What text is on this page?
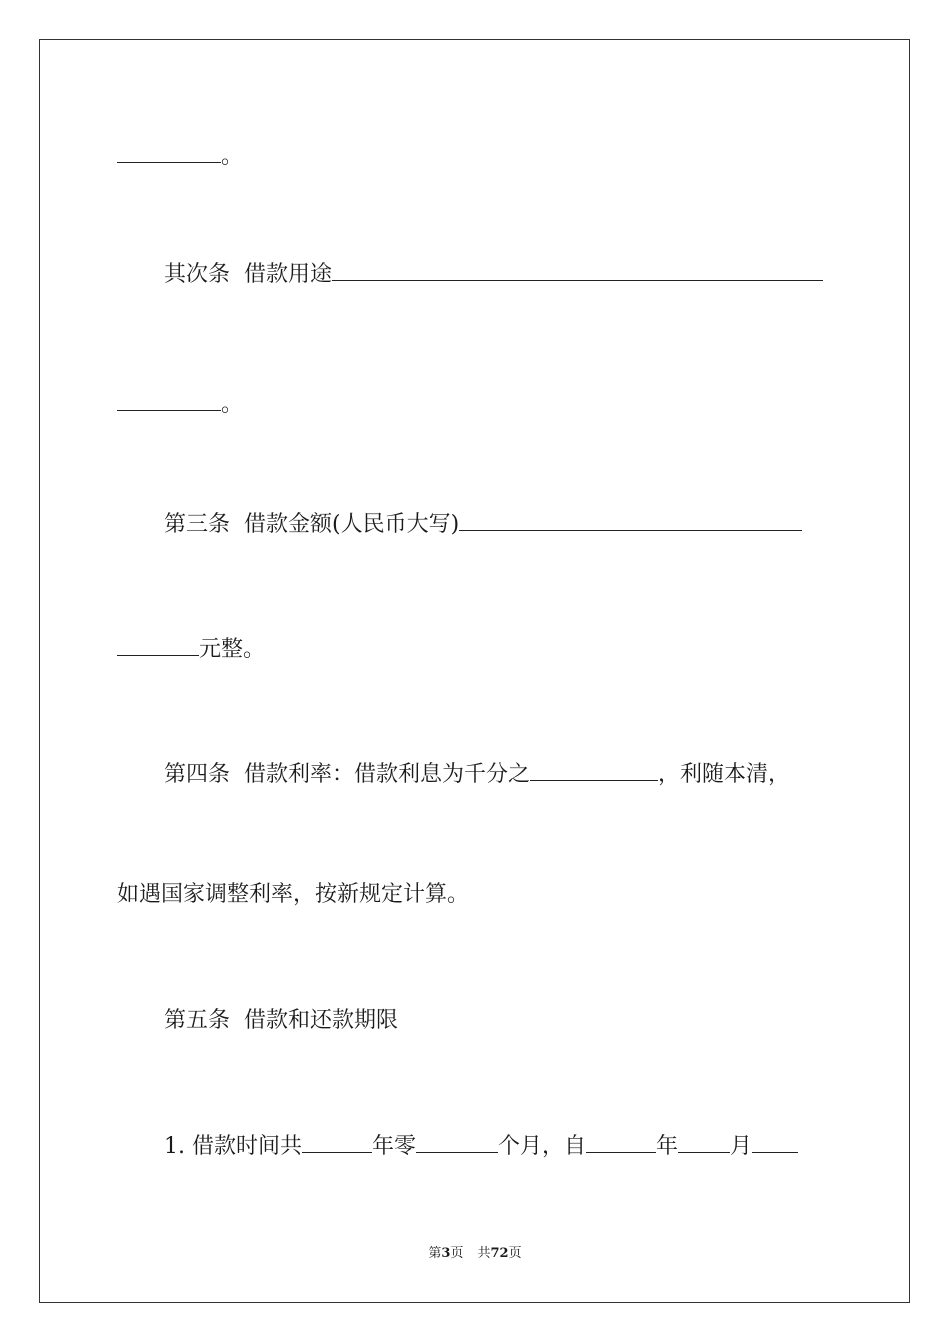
。
其次条 借款用途
。
第三条 借款金额(人民币大写)
元整。
第四条 借款利率：借款利息为千分之	，利随本清，
如遇国家调整利率，按新规定计算。
第五条 借款和还款期限
1. 借款时间共	年零	个月，自	年 月
第3页 共72页
